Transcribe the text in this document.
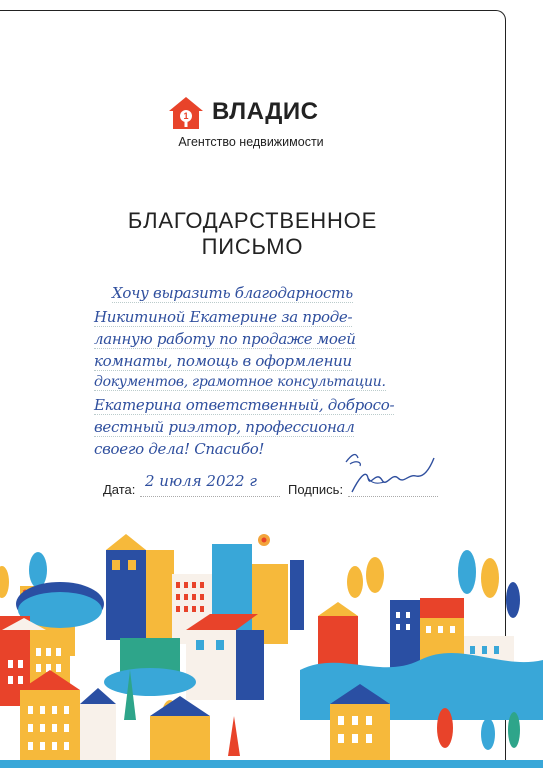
1 ВЛАДИС
Агентство недвижимости
БЛАГОДАРСТВЕННОЕ
ПИСЬМО
Хочу выразить благодарность
Никитиной Екатерине за проде-
ланную работу по продаже моей
комнаты, помощь в оформлении
документов, грамотное консультации.
Екатерина ответственный, добросо-
вестный риэлтор, профессионал
своего дела! Спасибо!
Дата: 2 июля 2022 г Подпись:
